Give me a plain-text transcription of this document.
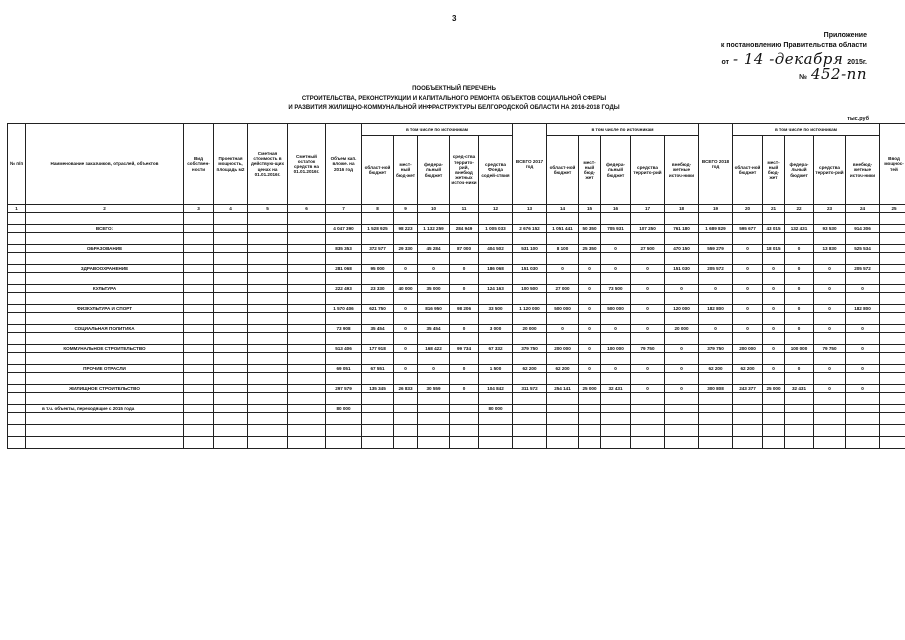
3
Приложение
к постановлению Правительства области
от - 14 -декабря 2015г.
№ 452-пп
ПООБЪЕКТНЫЙ ПЕРЕЧЕНЬ
СТРОИТЕЛЬСТВА, РЕКОНСТРУКЦИИ И КАПИТАЛЬНОГО РЕМОНТА ОБЪЕКТОВ СОЦИАЛЬНОЙ СФЕРЫ
И РАЗВИТИЯ ЖИЛИЩНО-КОММУНАЛЬНОЙ ИНФРАСТРУКТУРЫ БЕЛГОРОДСКОЙ ОБЛАСТИ НА 2016-2018 ГОДЫ
тыс.руб
№ п/п	Наименование заказчиков, отраслей, объектов	Вид собствен-ности	Проектная мощность, площадь м2	Сметная стоимость в действую-щих ценах на 01.01.2016г.	Сметный остаток средств на 01.01.2016г.	Объем кап. вложе. на 2016 год	в том числе по источникам					ВСЕГО 2017 год	в том числе по источникам					ВСЕГО 2018 год	в том числе по источникам					Ввод мощнос-тей
							област-ной бюджет	мест-ный бюд-жет	федера-льный бюджет	сред-ства террито-рий, внебюд жетных источ-ники	средства Фонда содей-ствия		област-ной бюджет	мест-ный бюд-жет	федера-льный бюджет	средства террито-рий	внебюд-жетные источ-ники		област-ной бюджет	мест-ный бюд-жет	федера-льный бюджет	средства террито-рий	внебюд-жетные источ-ники	
1	2	3	4	5	6	7	8	9	10	11	12	13	14	15	16	17	18	19	20	21	22	23	24	25

	ВСЕГО:					4 047 390	1 528 925	98 223	1 132 259	284 949	1 005 033	2 676 152	1 051 441	50 350	705 931	107 250	761 180	1 689 829	595 677	43 015	132 431	93 530	914 306	

	ОБРАЗОВАНИЕ					835 353	372 577	29 330	45 284	87 000	404 502	531 100	8 100	25 350	0	27 500	470 150	559 279	0	18 015	0	13 830	525 534	

	ЗДРАВООХРАНЕНИЕ					281 068	95 000	0	0	0	186 068	151 030	0	0	0	0	151 030	205 572	0	0	0	0	205 572	

	КУЛЬТУРА					222 493	23 330	40 000	35 000	0	124 163	100 500	27 000	0	73 500	0	0	0	0	0	0	0	0	

	ФИЗКУЛЬТУРА И СПОРТ					1 570 406	621 750	0	816 950	98 206	33 500	1 120 000	500 000	0	500 000	0	120 000	182 800	0	0	0	0	182 800	

	СОЦИАЛЬНАЯ ПОЛИТИКА					73 908	35 454	0	35 454	0	3 000	20 000	0	0	0	0	20 000	0	0	0	0	0	0	

	КОММУНАЛЬНОЕ СТРОИТЕЛЬСТВО					513 406	177 918	0	168 422	99 734	67 332	379 750	200 000	0	100 000	79 750	0	379 750	200 000	0	100 000	79 750	0	

	ПРОЧИЕ ОТРАСЛИ					69 051	67 551	0	0	0	1 500	62 200	62 200	0	0	0	0	62 200	62 200	0	0	0	0	

	ЖИЛИЩНОЕ СТРОИТЕЛЬСТВО					297 579	135 345	26 833	30 559	0	104 842	311 572	254 141	25 000	32 431	0	0	300 808	243 377	25 000	32 431	0	0	

	в т.ч. объекты, переходящие с 2015 года					80 000					80 000													
